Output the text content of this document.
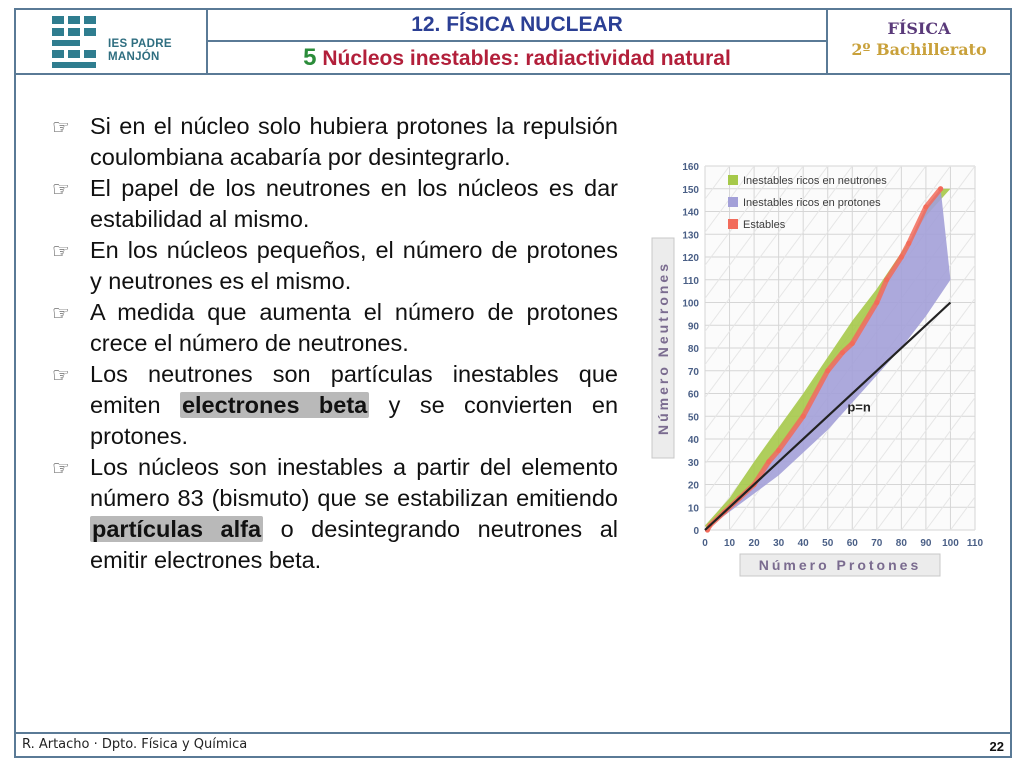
IES PADRE
MANJÓN
12. FÍSICA NUCLEAR
5 Núcleos inestables: radiactividad natural
FÍSICA
2º Bachillerato
☞ Si en el núcleo solo hubiera protones la repulsión coulombiana acabaría por desintegrarlo.
☞ El papel de los neutrones en los núcleos es dar estabilidad al mismo.
☞ En los núcleos pequeños, el número de protones y neutrones es el mismo.
☞ A medida que aumenta el número de protones crece el número de neutrones.
☞ Los neutrones son partículas inestables que emiten electrones beta y se convierten en protones.
☞ Los núcleos son inestables a partir del elemento número 83 (bismuto) que se estabilizan emitiendo partículas alfa o desintegrando neutrones al emitir electrones beta.
p=n
0
10
20
30
40
50
60
70
80
90
100
110
120
130
140
150
160
0 10 20 30 40 50 60 70 80 90 100 110
Número Protones
Número Neutrones
Inestables ricos en neutrones
Inestables ricos en protones
Estables
R. Artacho · Dpto. Física y Química	22
